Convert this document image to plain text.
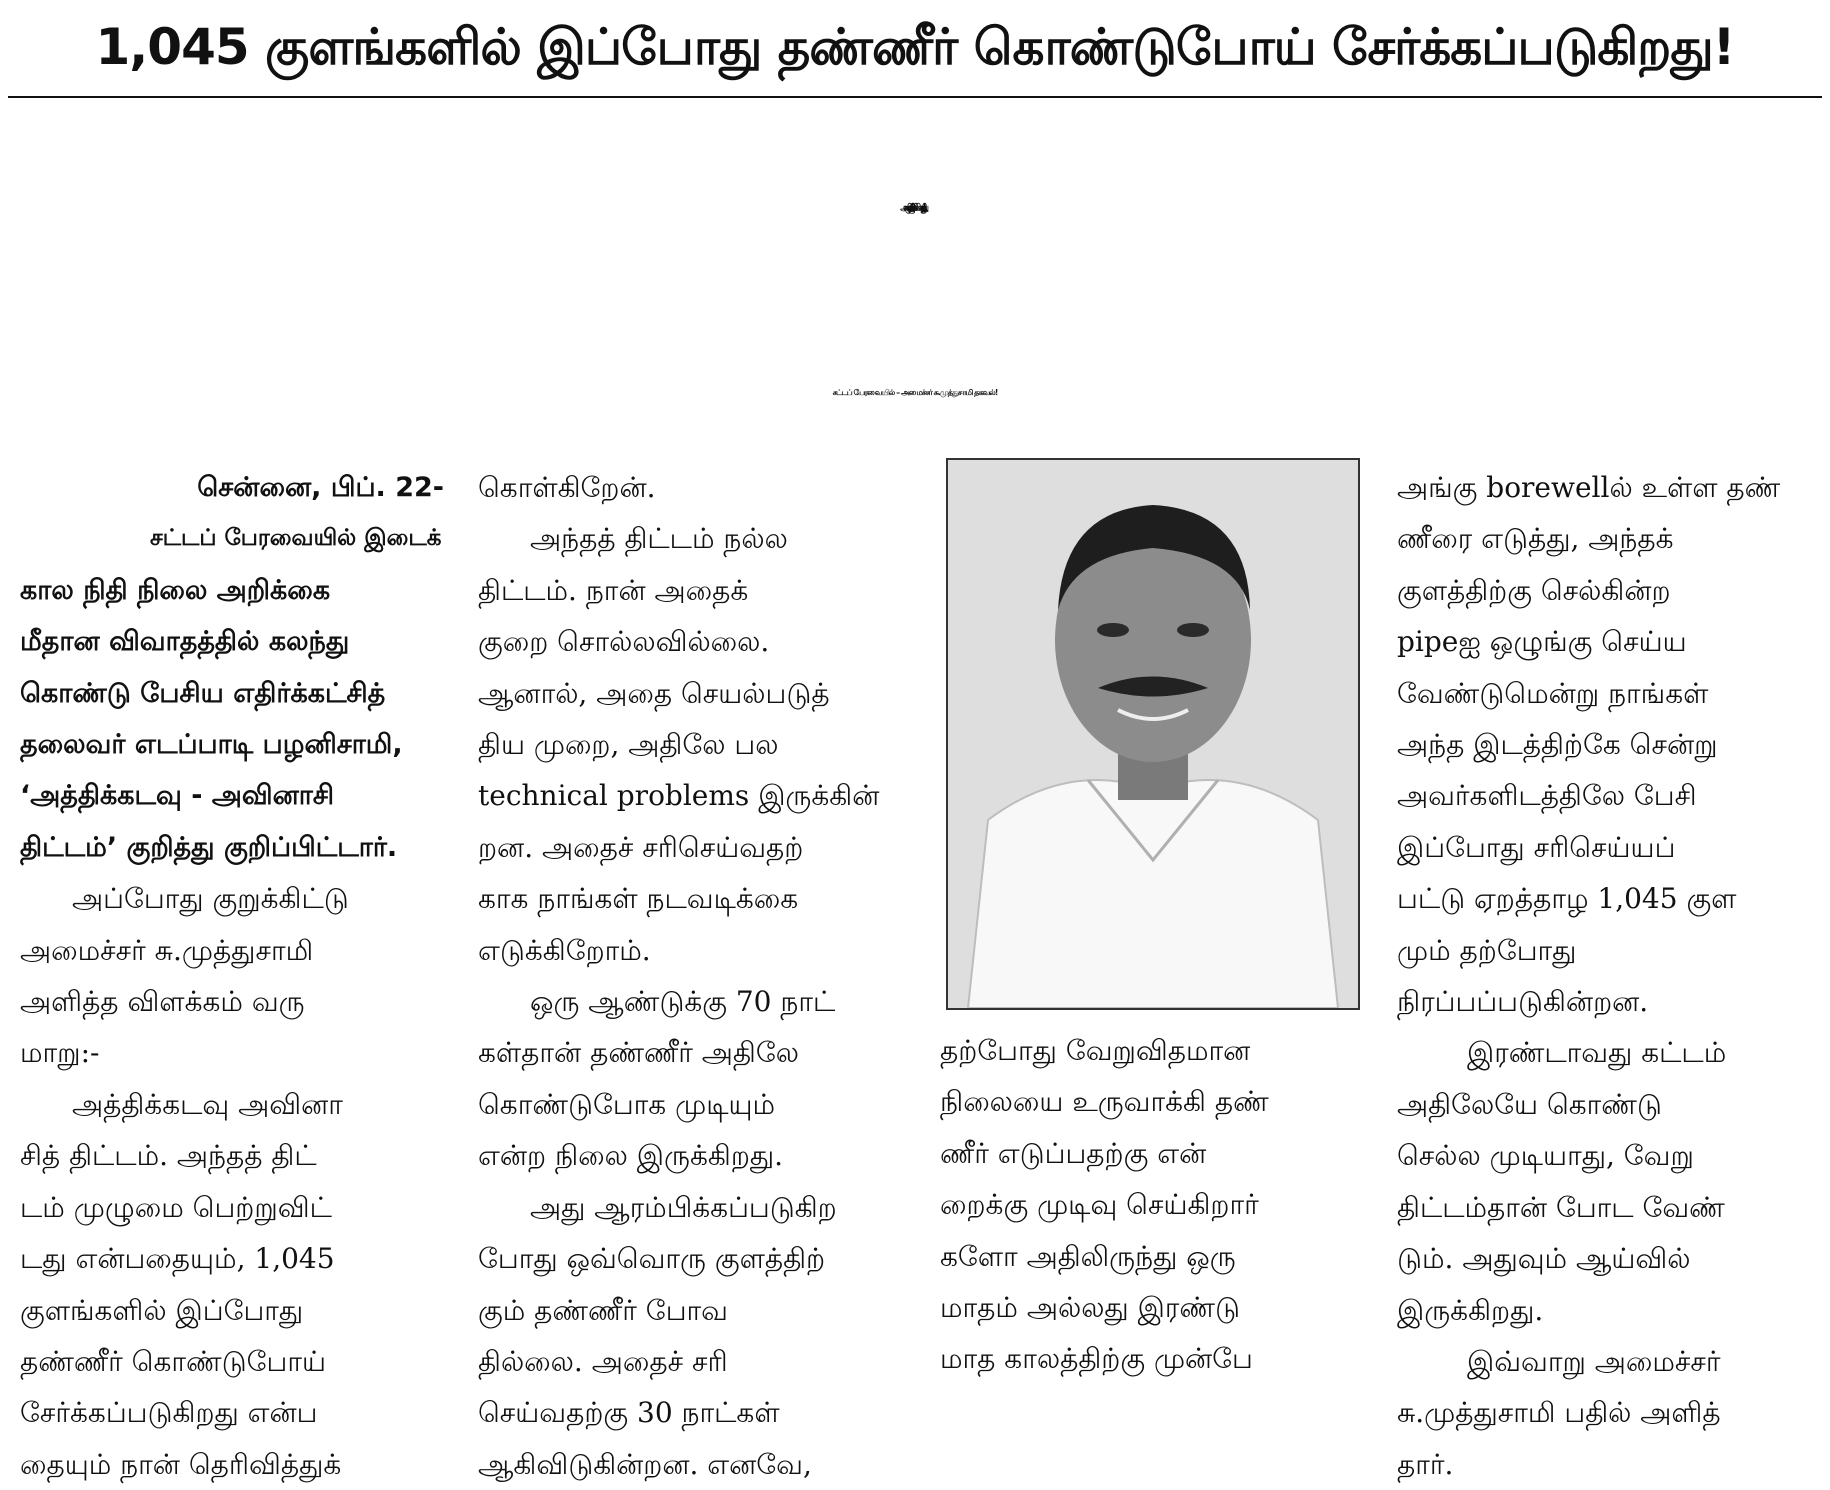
1,045 குளங்களில் இப்போது தண்ணீர் கொண்டுபோய் சேர்க்கப்படுகிறது!
‘அத்திக்கடவு - அவினாசி திட்டம்’ முழுமை பெற்று விட்டது!
சட்டப் பேரவையில் – அமைச்சர் சு.முத்துசாமி தகவல்!

சென்னை, பிப். 22-

சட்டப் பேரவையில் இடைக்

கால நிதி நிலை அறிக்கை

மீதான விவாதத்தில் கலந்து

கொண்டு பேசிய எதிர்க்கட்சித்

தலைவர் எடப்பாடி பழனிசாமி,

‘அத்திக்கடவு - அவினாசி

திட்டம்’ குறித்து குறிப்பிட்டார்.

அப்போது குறுக்கிட்டு

அமைச்சர் சு.முத்துசாமி

அளித்த விளக்கம் வரு

மாறு:-

அத்திக்கடவு அவினா

சித் திட்டம். அந்தத் திட்

டம் முழுமை பெற்றுவிட்

டது என்பதையும், 1,045

குளங்களில் இப்போது

தண்ணீர் கொண்டுபோய்

சேர்க்கப்படுகிறது என்ப

தையும் நான் தெரிவித்துக்

கொள்கிறேன்.

அந்தத் திட்டம் நல்ல

திட்டம். நான் அதைக்

குறை சொல்லவில்லை.

ஆனால், அதை செயல்படுத்

திய முறை, அதிலே பல

technical problems இருக்கின்

றன. அதைச் சரிசெய்வதற்

காக நாங்கள் நடவடிக்கை

எடுக்கிறோம்.

ஒரு ஆண்டுக்கு 70 நாட்

கள்தான் தண்ணீர் அதிலே

கொண்டுபோக முடியும்

என்ற நிலை இருக்கிறது.

அது ஆரம்பிக்கப்படுகிற

போது ஒவ்வொரு குளத்திற்

கும் தண்ணீர் போவ

தில்லை. அதைச் சரி

செய்வதற்கு 30 நாட்கள்

ஆகிவிடுகின்றன. எனவே,

தற்போது வேறுவிதமான

நிலையை உருவாக்கி தண்

ணீர் எடுப்பதற்கு என்

றைக்கு முடிவு செய்கிறார்

களோ அதிலிருந்து ஒரு

மாதம் அல்லது இரண்டு

மாத காலத்திற்கு முன்பே

அங்கு borewellல் உள்ள தண்

ணீரை எடுத்து, அந்தக்

குளத்திற்கு செல்கின்ற

pipeஐ ஒழுங்கு செய்ய

வேண்டுமென்று நாங்கள்

அந்த இடத்திற்கே சென்று

அவர்களிடத்திலே பேசி

இப்போது சரிசெய்யப்

பட்டு ஏறத்தாழ 1,045 குள

மும் தற்போது

நிரப்பப்படுகின்றன.

இரண்டாவது கட்டம்

அதிலேயே கொண்டு

செல்ல முடியாது, வேறு

திட்டம்தான் போட வேண்

டும். அதுவும் ஆய்வில்

இருக்கிறது.

இவ்வாறு அமைச்சர்

சு.முத்துசாமி பதில் அளித்

தார்.
